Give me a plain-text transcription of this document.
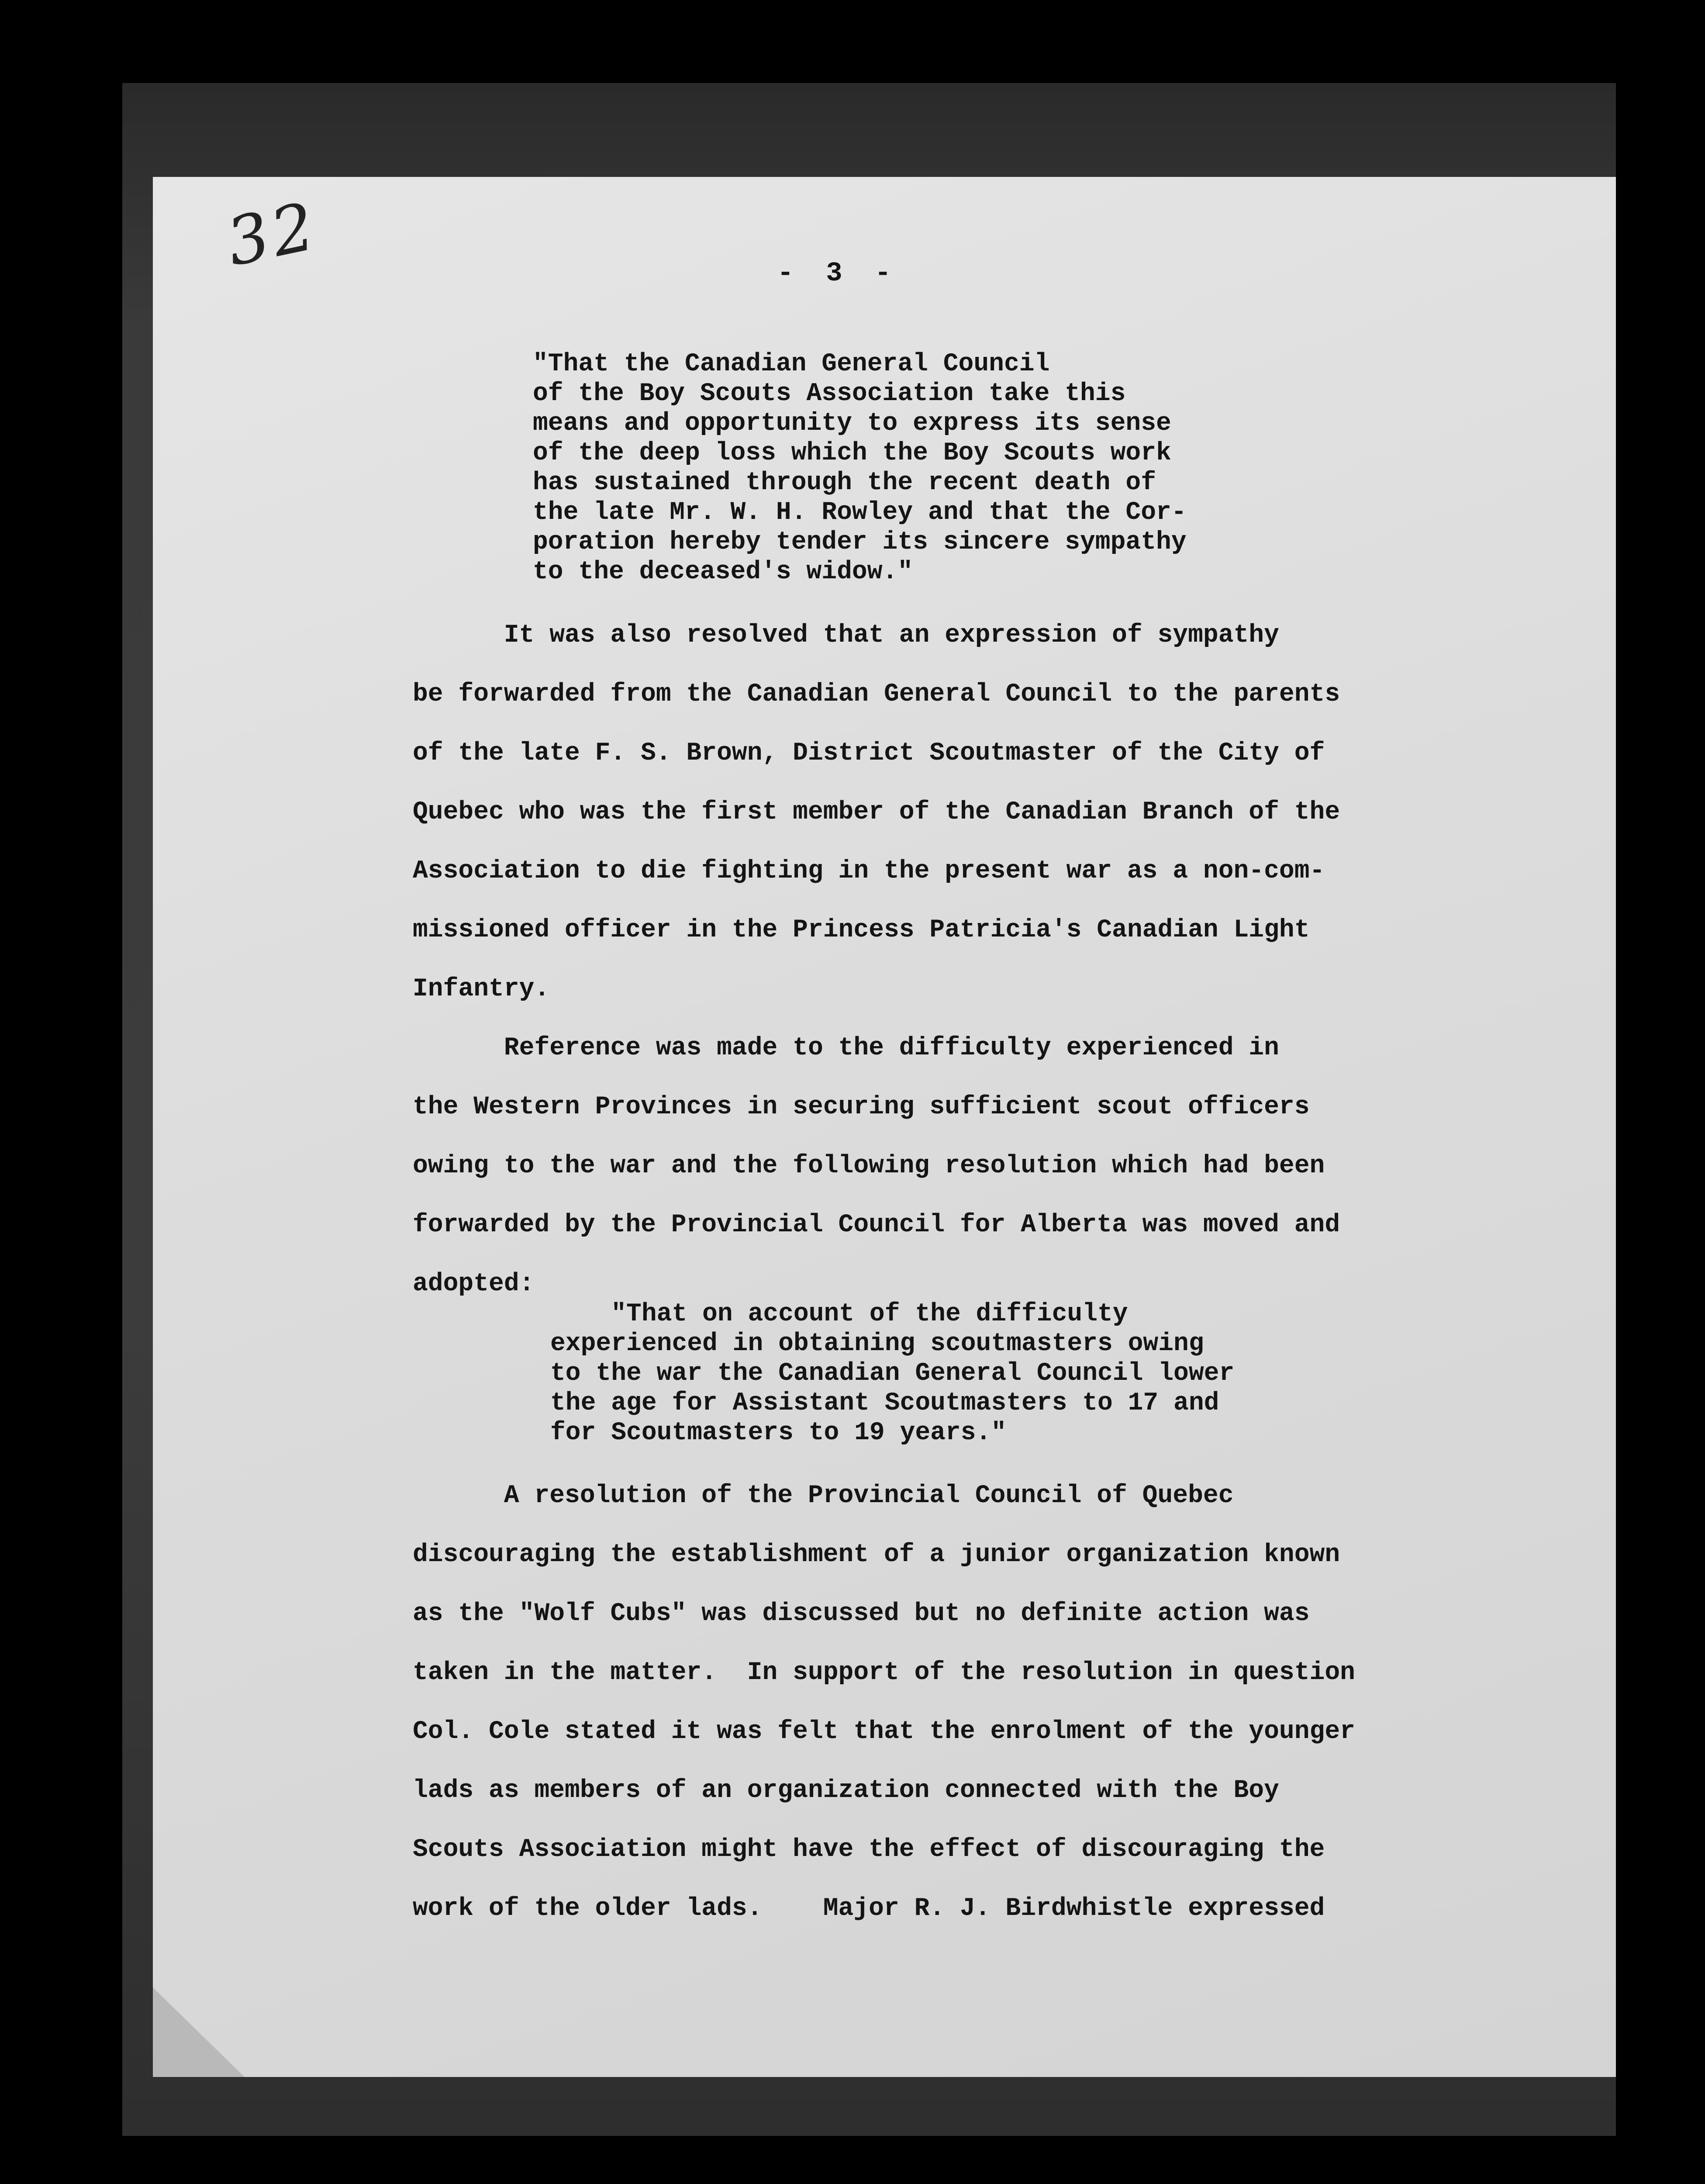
32	-  3  -

"That the Canadian General Council

of the Boy Scouts Association take this

means and opportunity to express its sense

of the deep loss which the Boy Scouts work

has sustained through the recent death of

the late Mr. W. H. Rowley and that the Cor-

poration hereby tender its sincere sympathy

to the deceased's widow."

It was also resolved that an expression of sympathy

be forwarded from the Canadian General Council to the parents

of the late F. S. Brown, District Scoutmaster of the City of

Quebec who was the first member of the Canadian Branch of the

Association to die fighting in the present war as a non-com-

missioned officer in the Princess Patricia's Canadian Light

Infantry.

Reference was made to the difficulty experienced in

the Western Provinces in securing sufficient scout officers

owing to the war and the following resolution which had been

forwarded by the Provincial Council for Alberta was moved and

adopted:

"That on account of the difficulty

experienced in obtaining scoutmasters owing

to the war the Canadian General Council lower

the age for Assistant Scoutmasters to 17 and

for Scoutmasters to 19 years."

A resolution of the Provincial Council of Quebec

discouraging the establishment of a junior organization known

as the "Wolf Cubs" was discussed but no definite action was

taken in the matter.  In support of the resolution in question

Col. Cole stated it was felt that the enrolment of the younger

lads as members of an organization connected with the Boy

Scouts Association might have the effect of discouraging the

work of the older lads.    Major R. J. Birdwhistle expressed
